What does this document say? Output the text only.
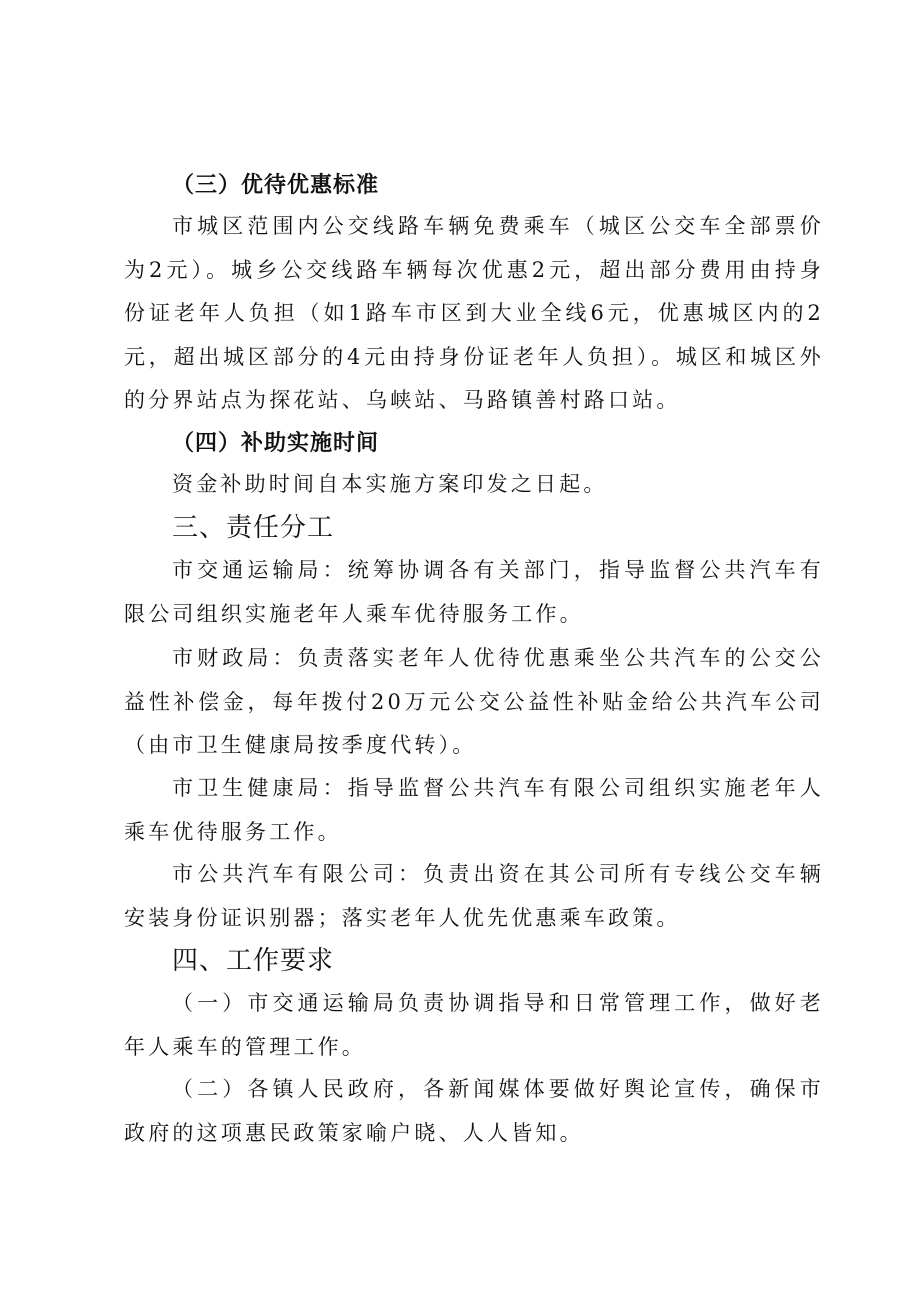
（三）优待优惠标准

市城区范围内公交线路车辆免费乘车（城区公交车全部票价为2元）。城乡公交线路车辆每次优惠2元，超出部分费用由持身份证老年人负担（如1路车市区到大业全线6元，优惠城区内的2元，超出城区部分的4元由持身份证老年人负担）。城区和城区外的分界站点为探花站、乌峡站、马路镇善村路口站。

（四）补助实施时间

资金补助时间自本实施方案印发之日起。

三、责任分工

市交通运输局：统筹协调各有关部门，指导监督公共汽车有限公司组织实施老年人乘车优待服务工作。

市财政局：负责落实老年人优待优惠乘坐公共汽车的公交公益性补偿金，每年拨付20万元公交公益性补贴金给公共汽车公司（由市卫生健康局按季度代转）。

市卫生健康局：指导监督公共汽车有限公司组织实施老年人乘车优待服务工作。

市公共汽车有限公司：负责出资在其公司所有专线公交车辆安装身份证识别器；落实老年人优先优惠乘车政策。

四、工作要求

（一）市交通运输局负责协调指导和日常管理工作，做好老年人乘车的管理工作。

（二）各镇人民政府，各新闻媒体要做好舆论宣传，确保市政府的这项惠民政策家喻户晓、人人皆知。
